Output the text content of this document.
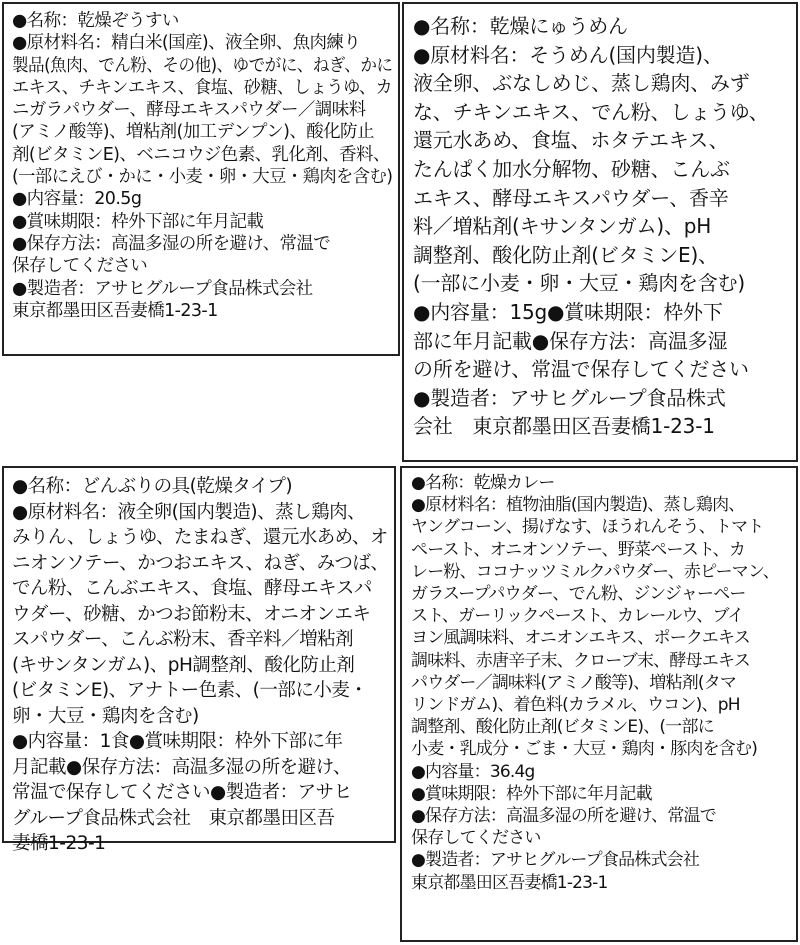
●名称：乾燥ぞうすい

●原材料名：精白米(国産)、液全卵、魚肉練り

製品(魚肉、でん粉、その他)、ゆでがに、ねぎ、かに

エキス、チキンエキス、食塩、砂糖、しょうゆ、カ

ニガラパウダー、酵母エキスパウダー／調味料

(アミノ酸等)、増粘剤(加工デンプン)、酸化防止

剤(ビタミンE)、ベニコウジ色素、乳化剤、香料、

(一部にえび・かに・小麦・卵・大豆・鶏肉を含む)

●内容量：20.5g

●賞味期限：枠外下部に年月記載

●保存方法：高温多湿の所を避け、常温で

保存してください

●製造者：アサヒグループ食品株式会社

東京都墨田区吾妻橋1-23-1

●名称：乾燥にゅうめん

●原材料名：そうめん(国内製造)、

液全卵、ぶなしめじ、蒸し鶏肉、みず

な、チキンエキス、でん粉、しょうゆ、

還元水あめ、食塩、ホタテエキス、

たんぱく加水分解物、砂糖、こんぶ

エキス、酵母エキスパウダー、香辛

料／増粘剤(キサンタンガム)、pH

調整剤、酸化防止剤(ビタミンE)、

(一部に小麦・卵・大豆・鶏肉を含む)

●内容量：15g●賞味期限：枠外下

部に年月記載●保存方法：高温多湿

の所を避け、常温で保存してください

●製造者：アサヒグループ食品株式

会社　東京都墨田区吾妻橋1-23-1

●名称：どんぶりの具(乾燥タイプ)

●原材料名：液全卵(国内製造)、蒸し鶏肉、

みりん、しょうゆ、たまねぎ、還元水あめ、オ

ニオンソテー、かつおエキス、ねぎ、みつば、

でん粉、こんぶエキス、食塩、酵母エキスパ

ウダー、砂糖、かつお節粉末、オニオンエキ

スパウダー、こんぶ粉末、香辛料／増粘剤

(キサンタンガム)、pH調整剤、酸化防止剤

(ビタミンE)、アナトー色素、(一部に小麦・

卵・大豆・鶏肉を含む)

●内容量：1食●賞味期限：枠外下部に年

月記載●保存方法：高温多湿の所を避け、

常温で保存してください●製造者：アサヒ

グループ食品株式会社　東京都墨田区吾

妻橋1-23-1

●名称：乾燥カレー

●原材料名：植物油脂(国内製造)、蒸し鶏肉、

ヤングコーン、揚げなす、ほうれんそう、トマト

ペースト、オニオンソテー、野菜ペースト、カ

レー粉、ココナッツミルクパウダー、赤ピーマン、

ガラスープパウダー、でん粉、ジンジャーペー

スト、ガーリックペースト、カレールウ、ブイ

ヨン風調味料、オニオンエキス、ポークエキス

調味料、赤唐辛子末、クローブ末、酵母エキス

パウダー／調味料(アミノ酸等)、増粘剤(タマ

リンドガム)、着色料(カラメル、ウコン)、pH

調整剤、酸化防止剤(ビタミンE)、(一部に

小麦・乳成分・ごま・大豆・鶏肉・豚肉を含む)

●内容量：36.4g

●賞味期限：枠外下部に年月記載

●保存方法：高温多湿の所を避け、常温で

保存してください

●製造者：アサヒグループ食品株式会社

東京都墨田区吾妻橋1-23-1
